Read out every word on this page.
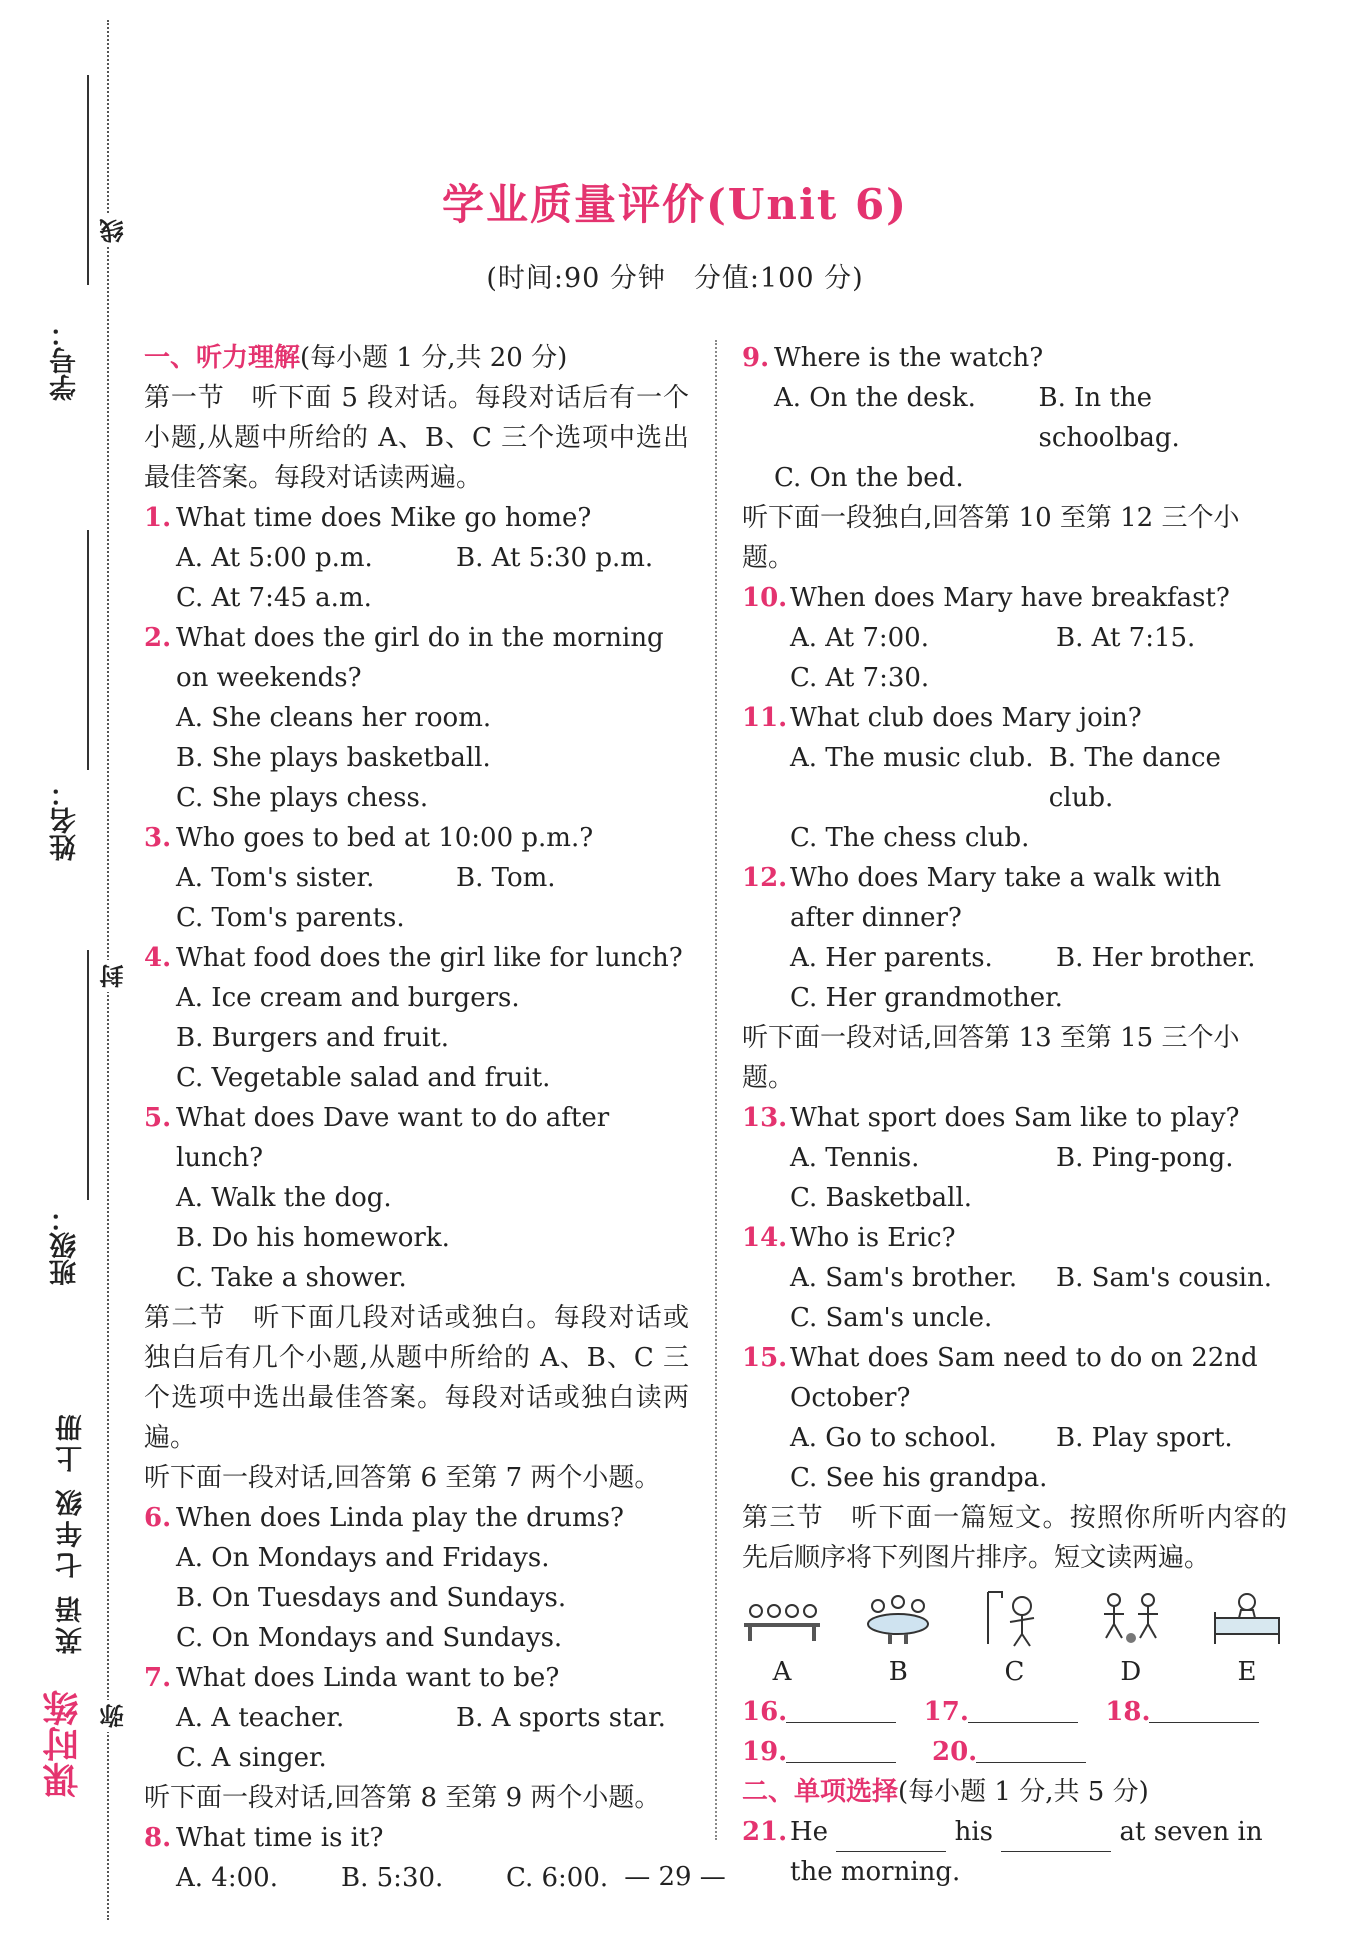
学号：
线
姓名：
封
班级：
英语 七年级 上册
弥
课时练
学业质量评价(Unit 6)
(时间:90 分钟　分值:100 分)
一、听力理解(每小题 1 分,共 20 分)
第一节　听下面 5 段对话。每段对话后有一个小题,从题中所给的 A、B、C 三个选项中选出最佳答案。每段对话读两遍。
1. What time does Mike go home?
A. At 5:00 p.m.	B. At 5:30 p.m.
C. At 7:45 a.m.
2. What does the girl do in the morning on weekends?
A. She cleans her room.
B. She plays basketball.
C. She plays chess.
3. Who goes to bed at 10:00 p.m.?
A. Tom's sister.	B. Tom.
C. Tom's parents.
4. What food does the girl like for lunch?
A. Ice cream and burgers.
B. Burgers and fruit.
C. Vegetable salad and fruit.
5. What does Dave want to do after lunch?
A. Walk the dog.
B. Do his homework.
C. Take a shower.
第二节　听下面几段对话或独白。每段对话或独白后有几个小题,从题中所给的 A、B、C 三个选项中选出最佳答案。每段对话或独白读两遍。
听下面一段对话,回答第 6 至第 7 两个小题。
6. When does Linda play the drums?
A. On Mondays and Fridays.
B. On Tuesdays and Sundays.
C. On Mondays and Sundays.
7. What does Linda want to be?
A. A teacher.	B. A sports star.
C. A singer.
听下面一段对话,回答第 8 至第 9 两个小题。
8. What time is it?
A. 4:00.	B. 5:30.	C. 6:00.
9. Where is the watch?
A. On the desk.	B. In the schoolbag.
C. On the bed.
听下面一段独白,回答第 10 至第 12 三个小题。
10. When does Mary have breakfast?
A. At 7:00.	B. At 7:15.
C. At 7:30.
11. What club does Mary join?
A. The music club. B. The dance club.
C. The chess club.
12. Who does Mary take a walk with after dinner?
A. Her parents.	B. Her brother.
C. Her grandmother.
听下面一段对话,回答第 13 至第 15 三个小题。
13. What sport does Sam like to play?
A. Tennis.	B. Ping-pong.
C. Basketball.
14. Who is Eric?
A. Sam's brother.	B. Sam's cousin.
C. Sam's uncle.
15. What does Sam need to do on 22nd October?
A. Go to school.	B. Play sport.
C. See his grandpa.
第三节　听下面一篇短文。按照你所听内容的先后顺序将下列图片排序。短文读两遍。
A	B	C	D	E
16.	17.	18.
19.	20.
二、单项选择(每小题 1 分,共 5 分)
21. He	his	at seven in
the morning.
— 29 —
